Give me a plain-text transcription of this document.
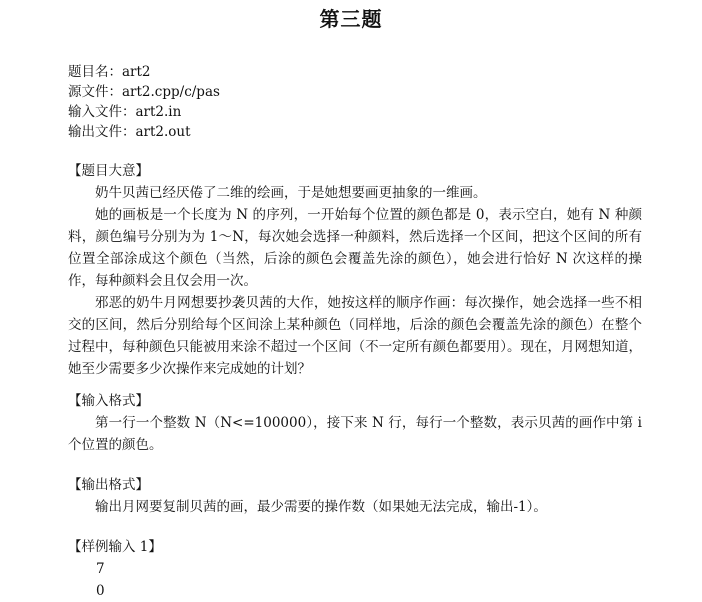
第三题
题目名：art2
源文件：art2.cpp/c/pas
输入文件：art2.in
输出文件：art2.out
【题目大意】

奶牛贝茜已经厌倦了二维的绘画，于是她想要画更抽象的一维画。

她的画板是一个长度为 N 的序列，一开始每个位置的颜色都是 0，表示空白，她有 N 种颜料，颜色编号分别为为 1～N，每次她会选择一种颜料，然后选择一个区间，把这个区间的所有位置全部涂成这个颜色（当然，后涂的颜色会覆盖先涂的颜色），她会进行恰好 N 次这样的操作，每种颜料会且仅会用一次。

邪恶的奶牛月网想要抄袭贝茜的大作，她按这样的顺序作画：每次操作，她会选择一些不相交的区间，然后分别给每个区间涂上某种颜色（同样地，后涂的颜色会覆盖先涂的颜色）在整个过程中，每种颜色只能被用来涂不超过一个区间（不一定所有颜色都要用）。现在，月网想知道，她至少需要多少次操作来完成她的计划？

【输入格式】

第一行一个整数 N（N<=100000），接下来 N 行，每行一个整数，表示贝茜的画作中第 i 个位置的颜色。

【输出格式】

输出月网要复制贝茜的画，最少需要的操作数（如果她无法完成，输出-1）。

【样例输入 1】
7
0
